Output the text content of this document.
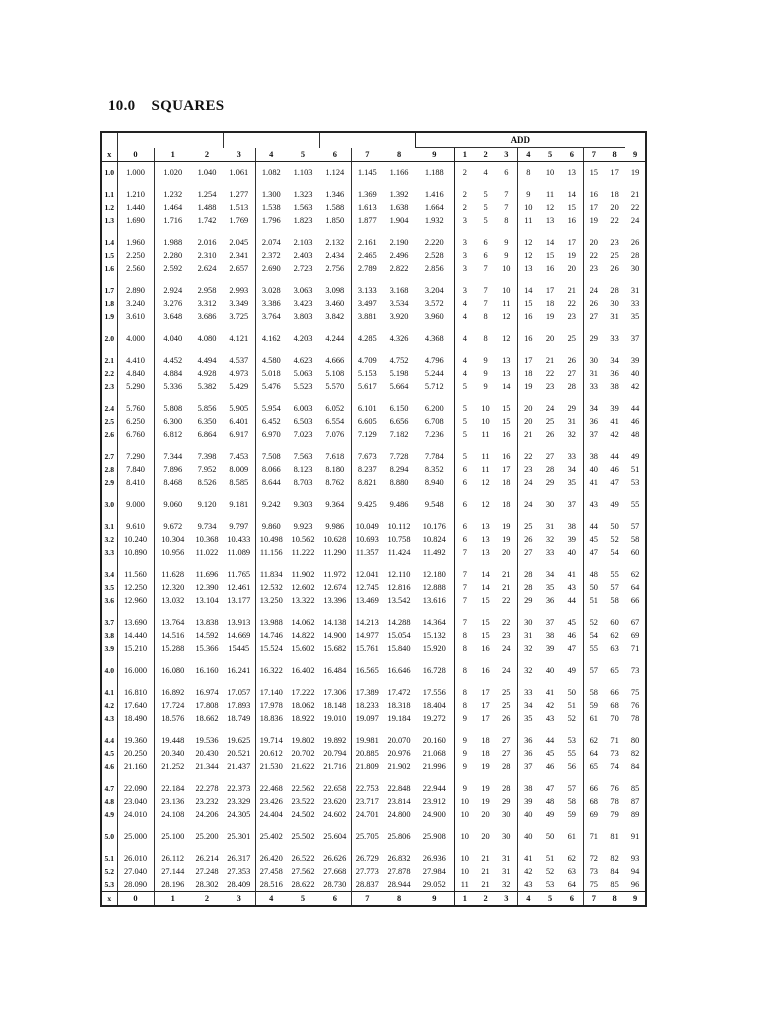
10.0 SQUARES
										ADD									
x	0	1	2	3	4	5	6	7	8	9	1	2	3	4	5	6	7	8	9

1.0	1.000	1.020	1.040	1.061	1.082	1.103	1.124	1.145	1.166	1.188	2	4	6	8	10	13	15	17	19

1.1	1.210	1.232	1.254	1.277	1.300	1.323	1.346	1.369	1.392	1.416	2	5	7	9	11	14	16	18	21
1.2	1.440	1.464	1.488	1.513	1.538	1.563	1.588	1.613	1.638	1.664	2	5	7	10	12	15	17	20	22
1.3	1.690	1.716	1.742	1.769	1.796	1.823	1.850	1.877	1.904	1.932	3	5	8	11	13	16	19	22	24

1.4	1.960	1.988	2.016	2.045	2.074	2.103	2.132	2.161	2.190	2.220	3	6	9	12	14	17	20	23	26
1.5	2.250	2.280	2.310	2.341	2.372	2.403	2.434	2.465	2.496	2.528	3	6	9	12	15	19	22	25	28
1.6	2.560	2.592	2.624	2.657	2.690	2.723	2.756	2.789	2.822	2.856	3	7	10	13	16	20	23	26	30

1.7	2.890	2.924	2.958	2.993	3.028	3.063	3.098	3.133	3.168	3.204	3	7	10	14	17	21	24	28	31
1.8	3.240	3.276	3.312	3.349	3.386	3.423	3.460	3.497	3.534	3.572	4	7	11	15	18	22	26	30	33
1.9	3.610	3.648	3.686	3.725	3.764	3.803	3.842	3.881	3.920	3.960	4	8	12	16	19	23	27	31	35

2.0	4.000	4.040	4.080	4.121	4.162	4.203	4.244	4.285	4.326	4.368	4	8	12	16	20	25	29	33	37

2.1	4.410	4.452	4.494	4.537	4.580	4.623	4.666	4.709	4.752	4.796	4	9	13	17	21	26	30	34	39
2.2	4.840	4.884	4.928	4.973	5.018	5.063	5.108	5.153	5.198	5.244	4	9	13	18	22	27	31	36	40
2.3	5.290	5.336	5.382	5.429	5.476	5.523	5.570	5.617	5.664	5.712	5	9	14	19	23	28	33	38	42

2.4	5.760	5.808	5.856	5.905	5.954	6.003	6.052	6.101	6.150	6.200	5	10	15	20	24	29	34	39	44
2.5	6.250	6.300	6.350	6.401	6.452	6.503	6.554	6.605	6.656	6.708	5	10	15	20	25	31	36	41	46
2.6	6.760	6.812	6.864	6.917	6.970	7.023	7.076	7.129	7.182	7.236	5	11	16	21	26	32	37	42	48

2.7	7.290	7.344	7.398	7.453	7.508	7.563	7.618	7.673	7.728	7.784	5	11	16	22	27	33	38	44	49
2.8	7.840	7.896	7.952	8.009	8.066	8.123	8.180	8.237	8.294	8.352	6	11	17	23	28	34	40	46	51
2.9	8.410	8.468	8.526	8.585	8.644	8.703	8.762	8.821	8.880	8.940	6	12	18	24	29	35	41	47	53

3.0	9.000	9.060	9.120	9.181	9.242	9.303	9.364	9.425	9.486	9.548	6	12	18	24	30	37	43	49	55

3.1	9.610	9.672	9.734	9.797	9.860	9.923	9.986	10.049	10.112	10.176	6	13	19	25	31	38	44	50	57
3.2	10.240	10.304	10.368	10.433	10.498	10.562	10.628	10.693	10.758	10.824	6	13	19	26	32	39	45	52	58
3.3	10.890	10.956	11.022	11.089	11.156	11.222	11.290	11.357	11.424	11.492	7	13	20	27	33	40	47	54	60

3.4	11.560	11.628	11.696	11.765	11.834	11.902	11.972	12.041	12.110	12.180	7	14	21	28	34	41	48	55	62
3.5	12.250	12.320	12.390	12.461	12.532	12.602	12.674	12.745	12.816	12.888	7	14	21	28	35	43	50	57	64
3.6	12.960	13.032	13.104	13.177	13.250	13.322	13.396	13.469	13.542	13.616	7	15	22	29	36	44	51	58	66

3.7	13.690	13.764	13.838	13.913	13.988	14.062	14.138	14.213	14.288	14.364	7	15	22	30	37	45	52	60	67
3.8	14.440	14.516	14.592	14.669	14.746	14.822	14.900	14.977	15.054	15.132	8	15	23	31	38	46	54	62	69
3.9	15.210	15.288	15.366	15445	15.524	15.602	15.682	15.761	15.840	15.920	8	16	24	32	39	47	55	63	71

4.0	16.000	16.080	16.160	16.241	16.322	16.402	16.484	16.565	16.646	16.728	8	16	24	32	40	49	57	65	73

4.1	16.810	16.892	16.974	17.057	17.140	17.222	17.306	17.389	17.472	17.556	8	17	25	33	41	50	58	66	75
4.2	17.640	17.724	17.808	17.893	17.978	18.062	18.148	18.233	18.318	18.404	8	17	25	34	42	51	59	68	76
4.3	18.490	18.576	18.662	18.749	18.836	18.922	19.010	19.097	19.184	19.272	9	17	26	35	43	52	61	70	78

4.4	19.360	19.448	19.536	19.625	19.714	19.802	19.892	19.981	20.070	20.160	9	18	27	36	44	53	62	71	80
4.5	20.250	20.340	20.430	20.521	20.612	20.702	20.794	20.885	20.976	21.068	9	18	27	36	45	55	64	73	82
4.6	21.160	21.252	21.344	21.437	21.530	21.622	21.716	21.809	21.902	21.996	9	19	28	37	46	56	65	74	84

4.7	22.090	22.184	22.278	22.373	22.468	22.562	22.658	22.753	22.848	22.944	9	19	28	38	47	57	66	76	85
4.8	23.040	23.136	23.232	23.329	23.426	23.522	23.620	23.717	23.814	23.912	10	19	29	39	48	58	68	78	87
4.9	24.010	24.108	24.206	24.305	24.404	24.502	24.602	24.701	24.800	24.900	10	20	30	40	49	59	69	79	89

5.0	25.000	25.100	25.200	25.301	25.402	25.502	25.604	25.705	25.806	25.908	10	20	30	40	50	61	71	81	91

5.1	26.010	26.112	26.214	26.317	26.420	26.522	26.626	26.729	26.832	26.936	10	21	31	41	51	62	72	82	93
5.2	27.040	27.144	27.248	27.353	27.458	27.562	27.668	27.773	27.878	27.984	10	21	31	42	52	63	73	84	94
5.3	28.090	28.196	28.302	28.409	28.516	28.622	28.730	28.837	28.944	29.052	11	21	32	43	53	64	75	85	96
x	0	1	2	3	4	5	6	7	8	9	1	2	3	4	5	6	7	8	9
